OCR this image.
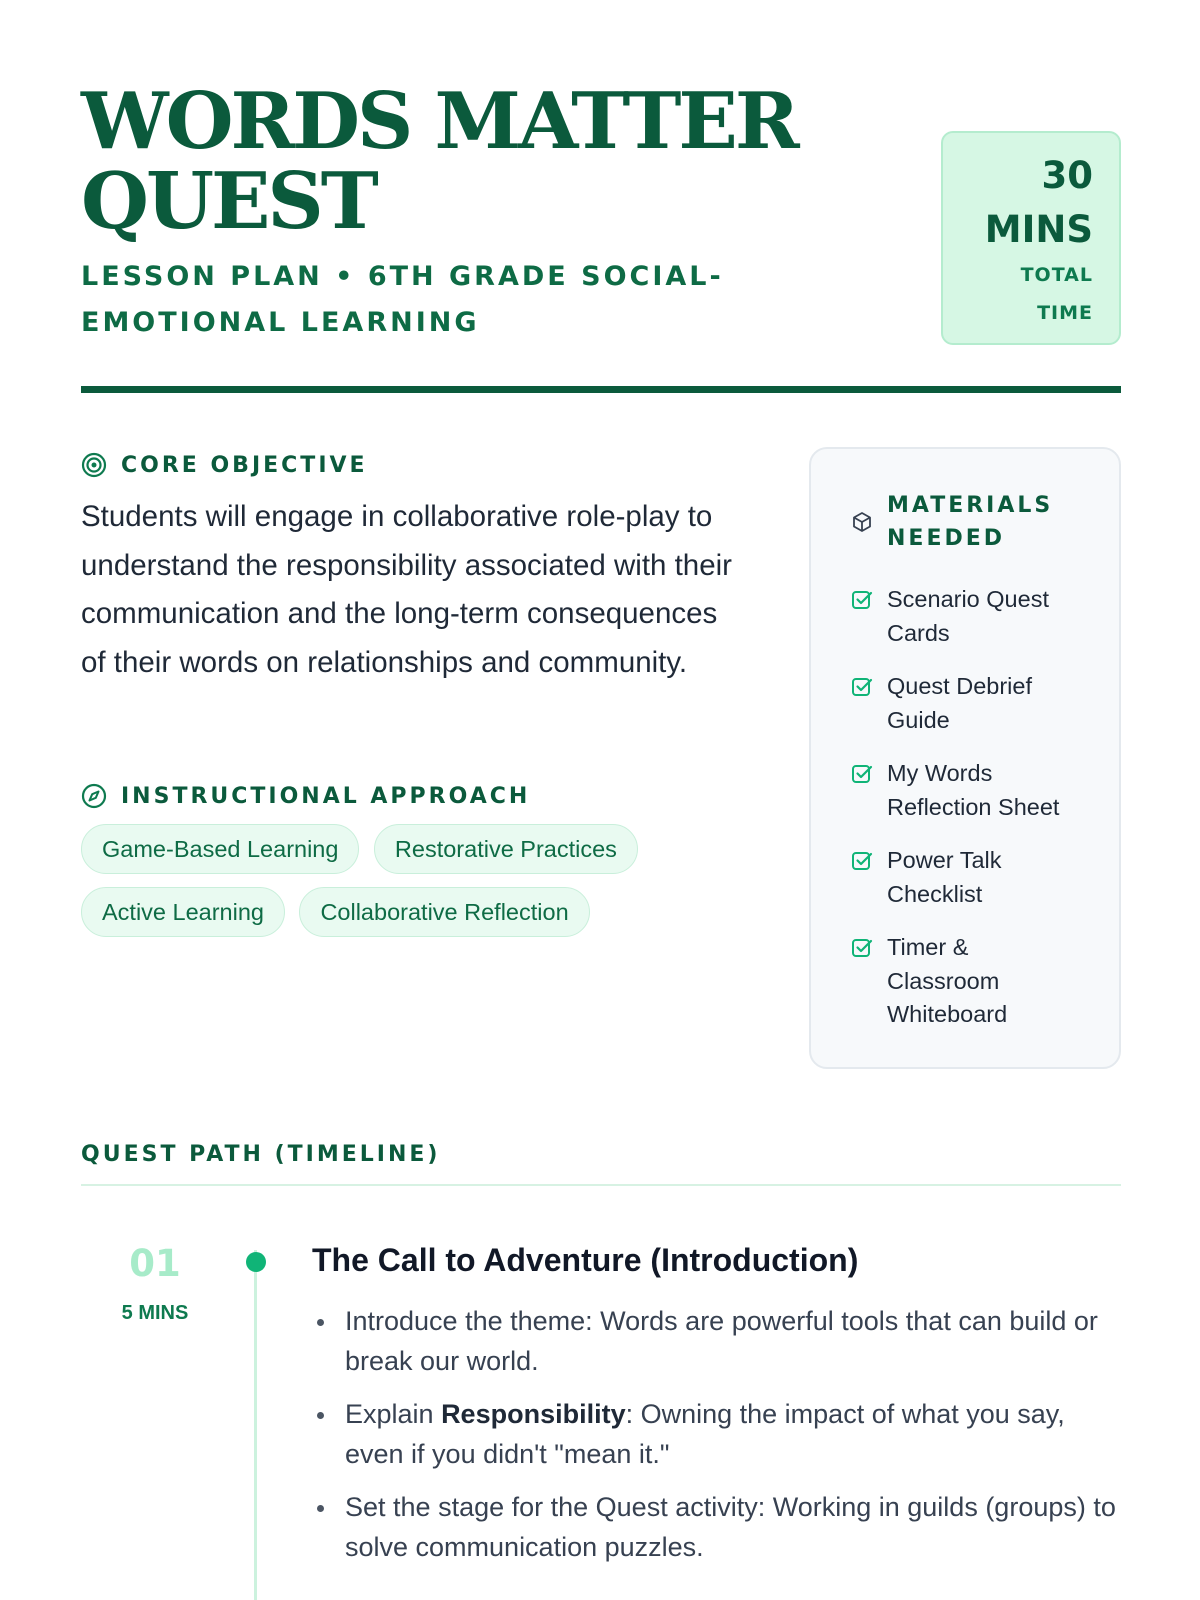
WORDS MATTER QUEST
LESSON PLAN • 6TH GRADE SOCIAL-EMOTIONAL LEARNING
30
MINS
TOTAL
TIME
CORE OBJECTIVE

Students will engage in collaborative role-play to understand the responsibility associated with their communication and the long-term consequences of their words on relationships and community.

INSTRUCTIONAL APPROACH
Game-Based Learning Restorative Practices Active Learning Collaborative Reflection
MATERIALS NEEDED
Scenario Quest Cards
Quest Debrief Guide
My Words Reflection Sheet
Power Talk Checklist
Timer & Classroom Whiteboard
QUEST PATH (TIMELINE)
01
5 MINS
The Call to Adventure (Introduction)
Introduce the theme: Words are powerful tools that can build or break our world.
Explain Responsibility: Owning the impact of what you say, even if you didn't "mean it."
Set the stage for the Quest activity: Working in guilds (groups) to solve communication puzzles.
